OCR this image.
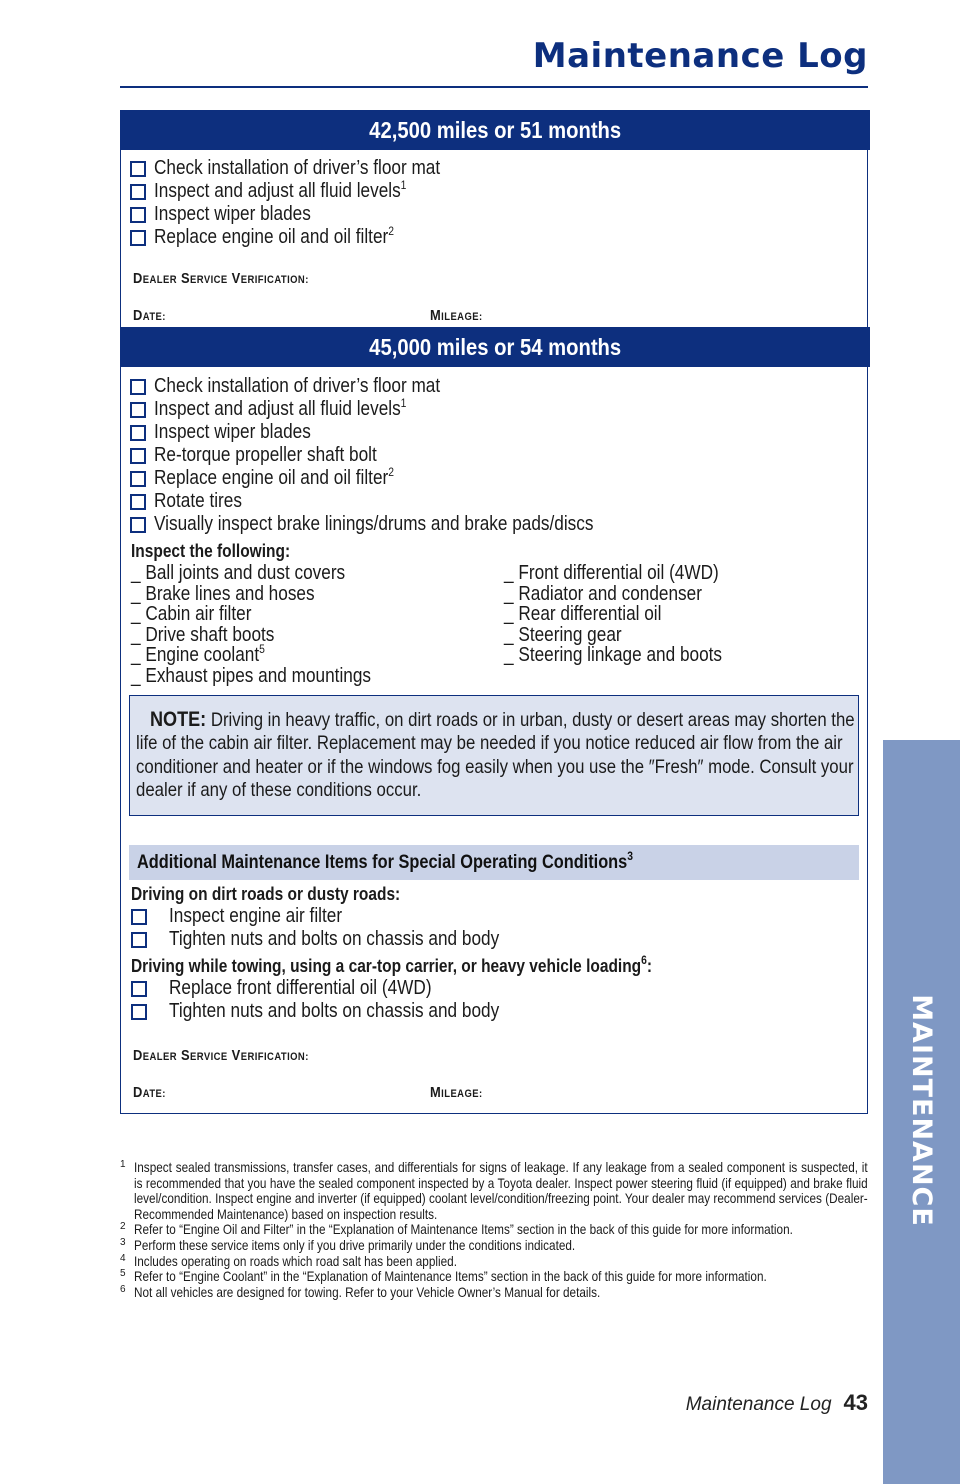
Maintenance Log
MAINTENANCE
42,500 miles or 51 months
Check installation of driver’s floor mat
Inspect and adjust all fluid levels$^1$
Inspect wiper blades
Replace engine oil and oil filter$^2$
DEALER SERVICE VERIFICATION:
DATE:	MILEAGE:
45,000 miles or 54 months
Check installation of driver’s floor mat
Inspect and adjust all fluid levels$^1$
Inspect wiper blades
Re-torque propeller shaft bolt
Replace engine oil and oil filter$^2$
Rotate tires
Visually inspect brake linings/drums and brake pads/discs
Inspect the following:
_ Ball joints and dust covers
_ Brake lines and hoses
_ Cabin air filter
_ Drive shaft boots
_ Engine coolant$^5$
_ Exhaust pipes and mountings
_ Front differential oil (4WD)
_ Radiator and condenser
_ Rear differential oil
_ Steering gear
_ Steering linkage and boots
NOTE: Driving in heavy traffic, on dirt roads or in urban, dusty or desert areas may shorten the life of the cabin air filter. Replacement may be needed if you notice reduced air flow from the air conditioner and heater or if the windows fog easily when you use the ″Fresh″ mode. Consult your dealer if any of these conditions occur.
Additional Maintenance Items for Special Operating Conditions$^3$
Driving on dirt roads or dusty roads:
Inspect engine air filter
Tighten nuts and bolts on chassis and body
Driving while towing, using a car-top carrier, or heavy vehicle loading$^6$:
Replace front differential oil (4WD)
Tighten nuts and bolts on chassis and body
DEALER SERVICE VERIFICATION:
DATE:	MILEAGE:
1 Inspect sealed transmissions, transfer cases, and differentials for signs of leakage. If any leakage from a sealed component is suspected, it is recommended that you have the sealed component inspected by a Toyota dealer. Inspect power steering fluid (if equipped) and brake fluid level/condition. Inspect engine and inverter (if equipped) coolant level/condition/freezing point. Your dealer may recommend services (Dealer-Recommended Maintenance) based on inspection results.
2 Refer to “Engine Oil and Filter” in the “Explanation of Maintenance Items” section in the back of this guide for more information.
3 Perform these service items only if you drive primarily under the conditions indicated.
4 Includes operating on roads which road salt has been applied.
5 Refer to “Engine Coolant” in the “Explanation of Maintenance Items” section in the back of this guide for more information.
6 Not all vehicles are designed for towing. Refer to your Vehicle Owner’s Manual for details.
Maintenance Log 43
